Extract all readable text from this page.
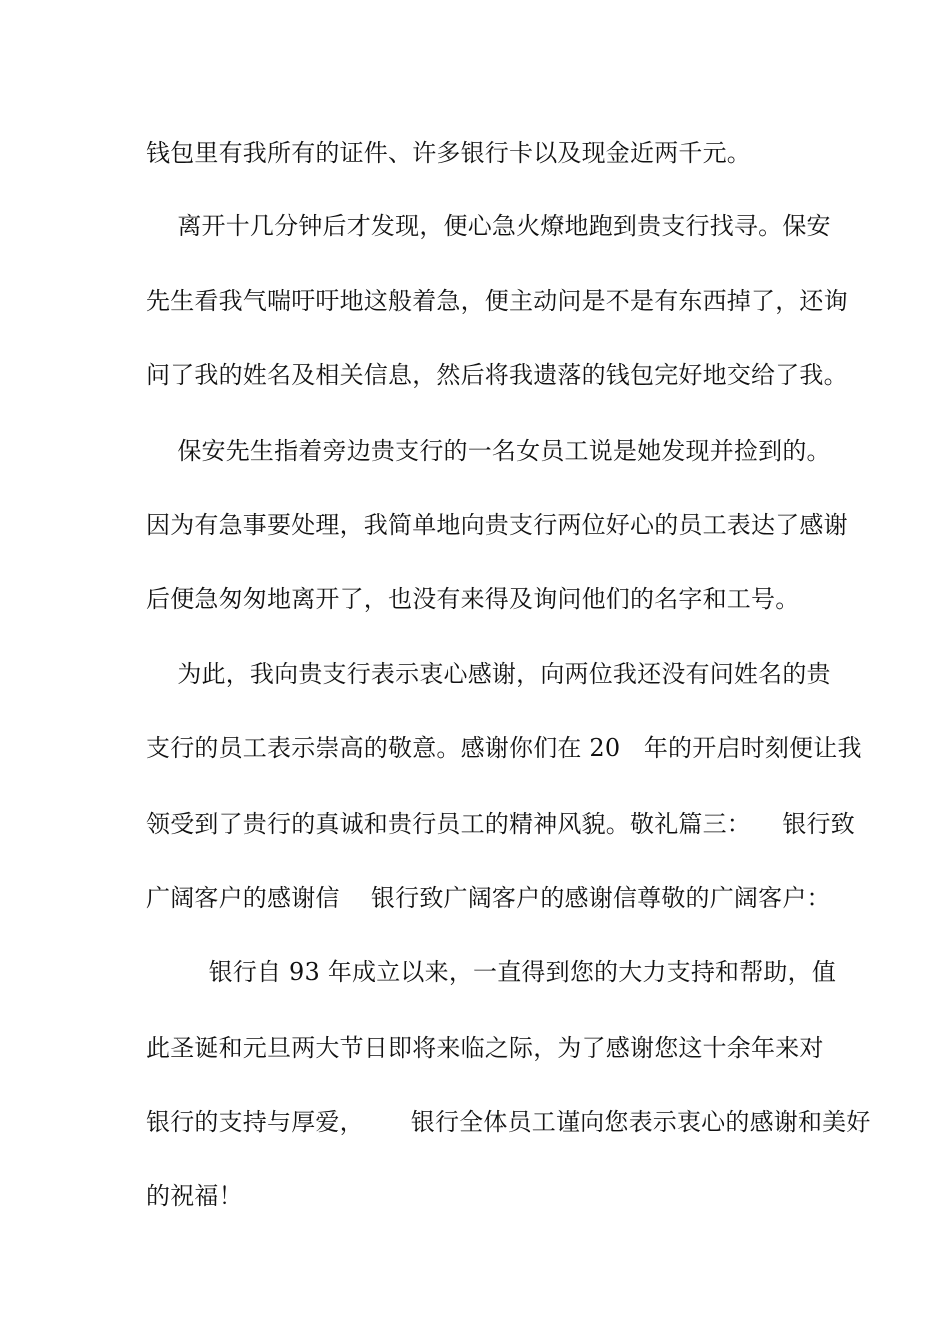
钱包里有我所有的证件、许多银行卡以及现金近两千元。
离开十几分钟后才发现，便心急火燎地跑到贵支行找寻。保安
先生看我气喘吁吁地这般着急，便主动问是不是有东西掉了，还询
问了我的姓名及相关信息，然后将我遗落的钱包完好地交给了我。
保安先生指着旁边贵支行的一名女员工说是她发现并捡到的。
因为有急事要处理，我简单地向贵支行两位好心的员工表达了感谢
后便急匆匆地离开了，也没有来得及询问他们的名字和工号。
为此，我向贵支行表示衷心感谢，向两位我还没有问姓名的贵
支行的员工表示崇高的敬意。感谢你们在 20   年的开启时刻便让我
领受到了贵行的真诚和贵行员工的精神风貌。敬礼篇三：    银行致
广阔客户的感谢信    银行致广阔客户的感谢信尊敬的广阔客户：
银行自 93 年成立以来，一直得到您的大力支持和帮助，值
此圣诞和元旦两大节日即将来临之际，为了感谢您这十余年来对
银行的支持与厚爱，      银行全体员工谨向您表示衷心的感谢和美好
的祝福！
